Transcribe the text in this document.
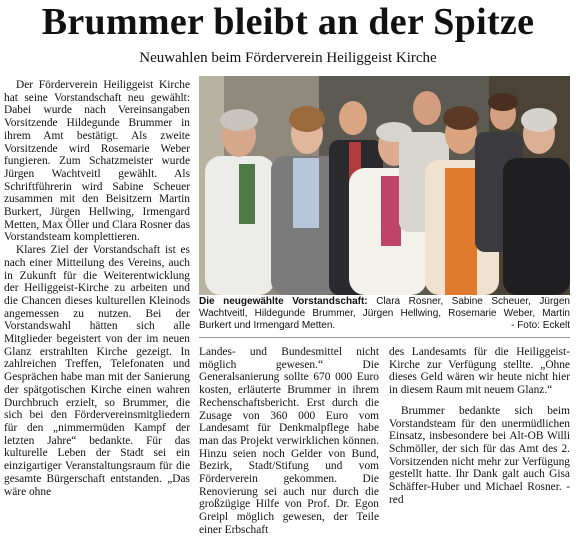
Brummer bleibt an der Spitze
Neuwahlen beim Förderverein Heiliggeist Kirche

Der Förderverein Heiliggeist Kirche hat seine Vorstandschaft neu gewählt: Dabei wurde nach Vereinsangaben Vorsitzende Hildegunde Brummer in ihrem Amt bestätigt. Als zweite Vorsitzende wird Rosemarie Weber fungieren. Zum Schatzmeister wurde Jürgen Wachtveitl gewählt. Als Schriftführerin wird Sabine Scheuer zusammen mit den Beisitzern Martin Burkert, Jürgen Hellwing, Irmengard Metten, Max Öller und Clara Rosner das Vorstandsteam komplettieren.

Klares Ziel der Vorstandschaft ist es nach einer Mitteilung des Vereins, auch in Zukunft für die Weiterentwicklung der Heiliggeist-Kirche zu arbeiten und die Chancen dieses kulturellen Kleinods angemessen zu nutzen. Bei der Vorstandswahl hätten sich alle Mitglieder begeistert von der im neuen Glanz erstrahlten Kirche gezeigt. In zahlreichen Treffen, Telefonaten und Gesprächen habe man mit der Sanierung der spätgotischen Kirche einen wahren Durchbruch erzielt, so Brummer, die sich bei den Fördervereinsmitgliedern für den „nimmermüden Kampf der letzten Jahre“ bedankte. Für das kulturelle Leben der Stadt sei ein einzigartiger Veranstaltungsraum für die gesamte Bürgerschaft entstanden. „Das wäre ohne

Die neugewählte Vorstandschaft: Clara Rosner, Sabine Scheuer, Jürgen Wachtveitl, Hildegunde Brummer, Jürgen Hellwing, Rosemarie Weber, Martin Burkert und Irmengard Metten.	- Foto: Eckelt

Landes- und Bundesmittel nicht möglich gewesen.“ Die Generalsanierung sollte 670 000 Euro kosten, erläuterte Brummer in ihrem Rechenschaftsbericht. Erst durch die Zusage von 360 000 Euro vom Landesamt für Denkmalpflege habe man das Projekt verwirklichen können. Hinzu seien noch Gelder von Bund, Bezirk, Stadt/Stifung und vom Förderverein gekommen. Die Renovierung sei auch nur durch die großzügige Hilfe von Prof. Dr. Egon Greipl möglich gewesen, der Teile einer Erbschaft

des Landesamts für die Heiliggeist-Kirche zur Verfügung stellte. „Ohne dieses Geld wären wir heute nicht hier in diesem Raum mit neuem Glanz.“

Brummer bedankte sich beim Vorstandsteam für den unermüdlichen Einsatz, insbesondere bei Alt-OB Willi Schmöller, der sich für das Amt des 2. Vorsitzenden nicht mehr zur Verfügung gestellt hatte. Ihr Dank galt auch Gisa Schäffer-Huber und Michael Rosner. - red
